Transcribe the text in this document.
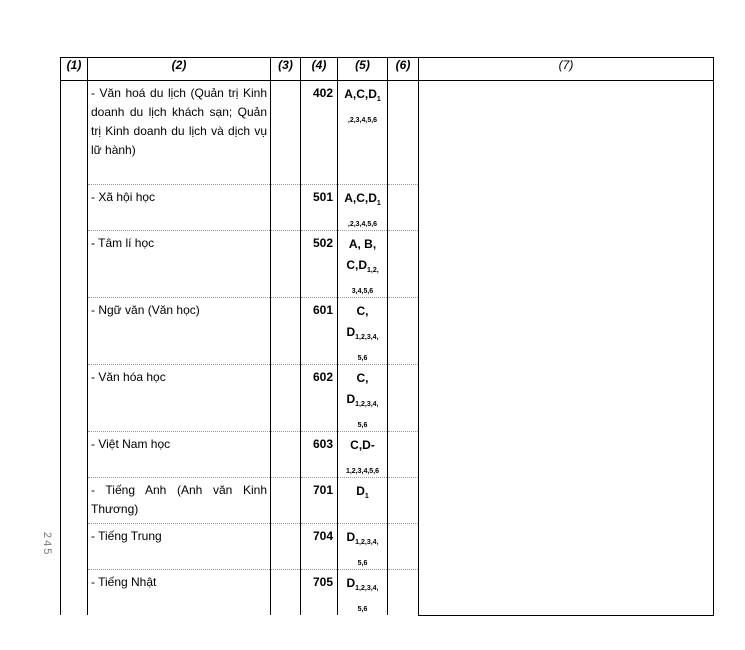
245
(1)	(2)	(3)	(4)	(5)	(6)	(7)
	- Văn hoá du lịch (Quản trị Kinh doanh du lịch khách sạn; Quản trị Kinh doanh du lịch và dịch vụ lữ hành)		402	$A,C,D_1$
$_{,2,3,4,5,6}$

	- Xã hội học		501	$A,C,D_1$
$_{,2,3,4,5,6}$

	- Tâm lí học		502	A, B,
$C,D_{1,2,}$
$_{3,4,5,6}$

	- Ngữ văn (Văn học)		601	C,
$D_{1,2,3,4,}$
$_{5,6}$

	- Văn hóa học		602	C,
$D_{1,2,3,4,}$
$_{5,6}$

	- Việt Nam học		603	C,D-
$_{1,2,3,4,5,6}$

	- Tiếng Anh (Anh văn Kinh Thương)		701	$D_1$

	- Tiếng Trung		704	$D_{1,2,3,4,}$
$_{5,6}$

	- Tiếng Nhật		705	$D_{1,2,3,4,}$
$_{5,6}$
